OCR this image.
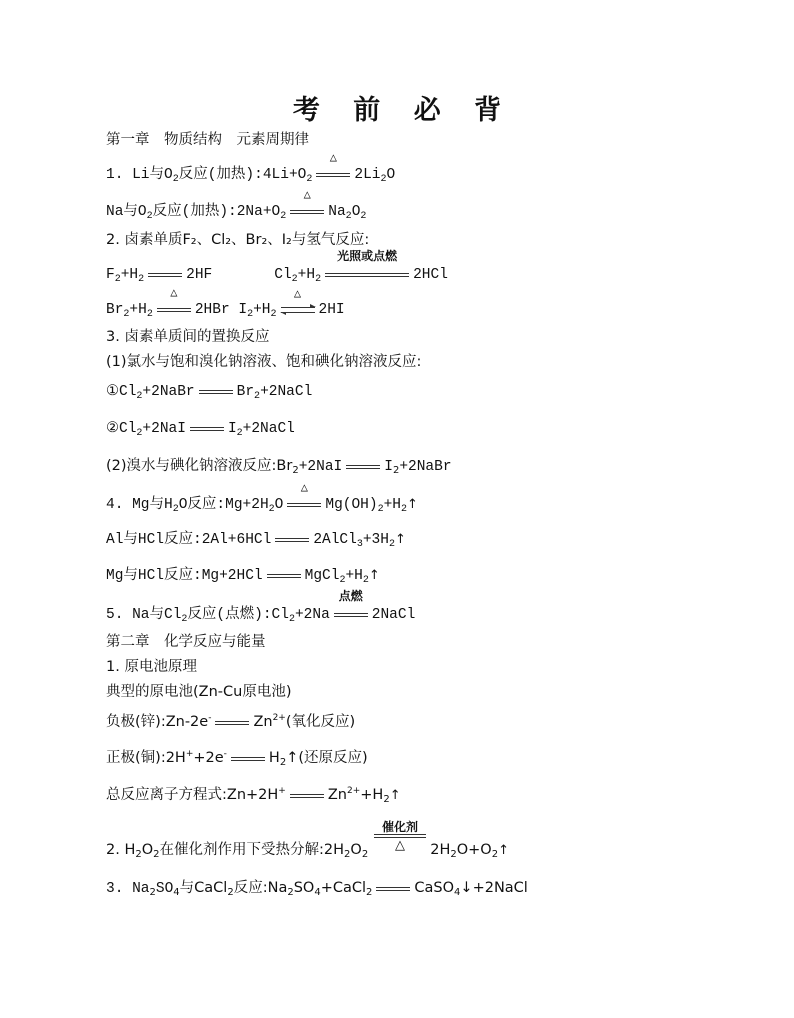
考 前 必 背
第一章　物质结构　元素周期律
1. Li与$O_2$反应(加热)$:4Li+O_2$
△
$2Li_2O$
Na与$O_2$反应(加热)$:2Na+O_2$
△
$Na_2O_2$
2. 卤素单质F₂、Cl₂、Br₂、I₂与氢气反应:
$F_2+H_2$	2HF	$Cl_2+H_2$
光照或点燃
2HCl
$Br_2+H_2$
△
2HBr $I_2+H_2$
△
2HI
3. 卤素单质间的置换反应
(1)氯水与饱和溴化钠溶液、饱和碘化钠溶液反应:
$①Cl_2+2NaBr$	$Br_2+2NaCl$
$②Cl_2+2NaI$	$I_2+2NaCl$
(2)溴水与碘化钠溶液反应$:Br_2+2NaI$	$I_2+2NaBr$
4. Mg与$H_2O$反应$:Mg+2H_2O$
△
$Mg(OH)_2+H_2↑$
Al与HCl反应:2Al+6HCl	$2AlCl_3+3H_2↑$
Mg与HCl反应:Mg+2HCl	$MgCl_2+H_2↑$
5. Na与$Cl_2$反应(点燃)$:Cl_2+2Na$
点燃
2NaCl
第二章　化学反应与能量
1. 原电池原理
典型的原电池(Zn-Cu原电池)
负极(锌):Zn-2e-	$Zn^{2+}$(氧化反应)
正极(铜):2H++2e-	$H_2↑$(还原反应)
总反应离子方程式:Zn+2H+	$Zn^{2+}+H_2↑$
2. $H_2O_2$在催化剂作用下受热分解$:2H_2O_2$	$2H_2O+O_2↑$
催化剂
△
3. $Na_2SO_4$与CaCl$_2$反应$:Na_2SO_4+CaCl_2$	CaSO$_4$↓+2NaCl
